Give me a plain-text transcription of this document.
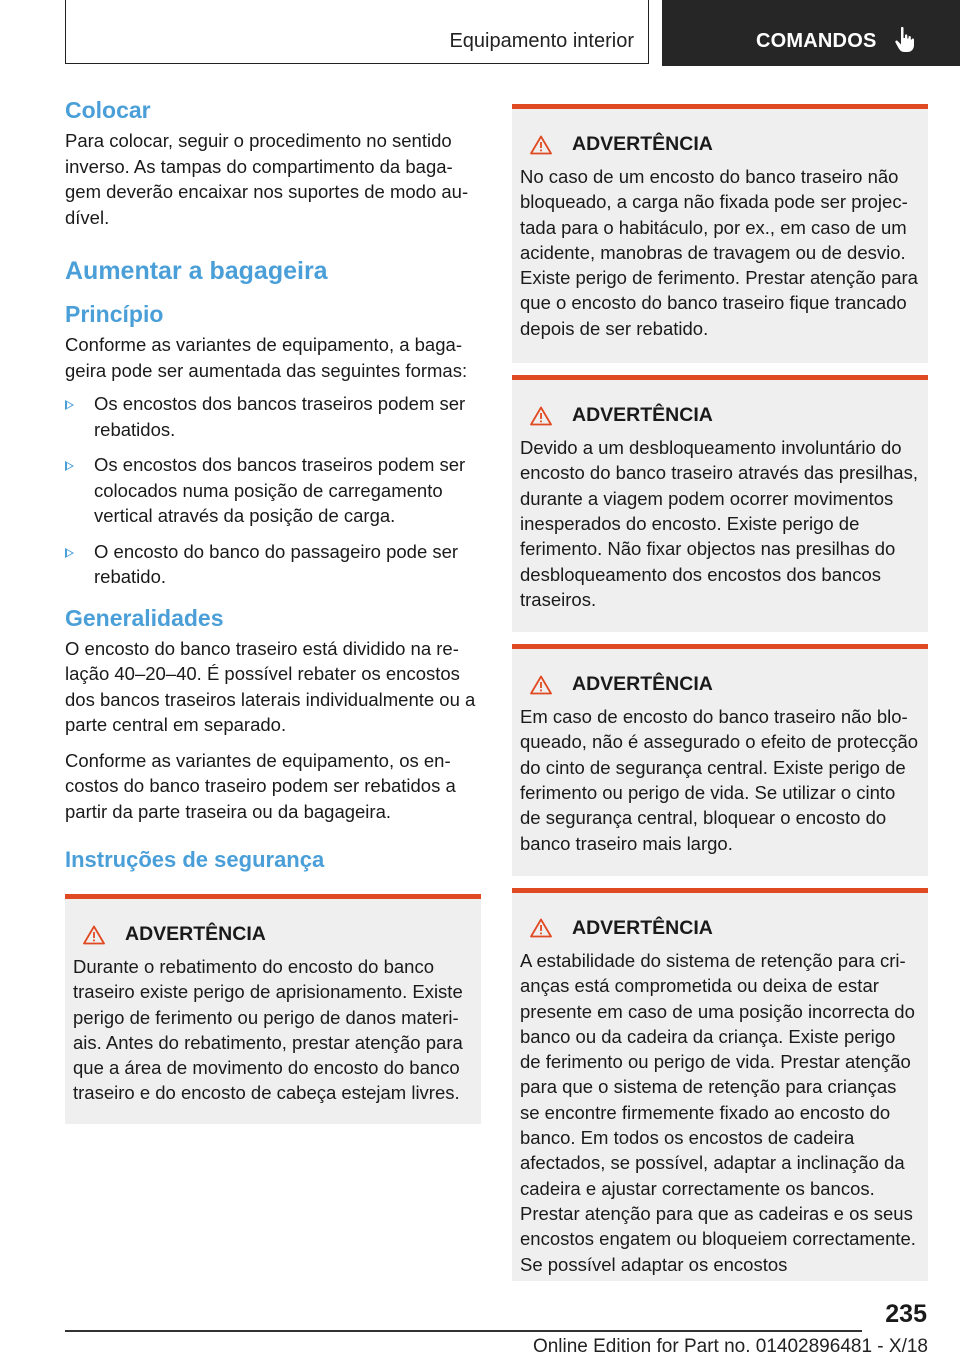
Equipamento interior	COMANDOS
Colocar

Para colocar, seguir o procedimento no sentido inverso. As tampas do compartimento da bagagem deverão encaixar nos suportes de modo audível.

Aumentar a bagageira
Princípio

Conforme as variantes de equipamento, a bagageira pode ser aumentada das seguintes formas:

Os encostos dos bancos traseiros podem ser rebatidos.
Os encostos dos bancos traseiros podem ser colocados numa posição de carregamento vertical através da posição de carga.
O encosto do banco do passageiro pode ser rebatido.
Generalidades

O encosto do banco traseiro está dividido na relação 40–20–40. É possível rebater os encostos dos bancos traseiros laterais individualmente ou a parte central em separado.

Conforme as variantes de equipamento, os encostos do banco traseiro podem ser rebatidos a partir da parte traseira ou da bagageira.

Instruções de segurança
ADVERTÊNCIA

Durante o rebatimento do encosto do banco traseiro existe perigo de aprisionamento. Existe perigo de ferimento ou perigo de danos materiais. Antes do rebatimento, prestar atenção para que a área de movimento do encosto do banco traseiro e do encosto de cabeça estejam livres.

ADVERTÊNCIA

No caso de um encosto do banco traseiro não bloqueado, a carga não fixada pode ser projectada para o habitáculo, por ex., em caso de um acidente, manobras de travagem ou de desvio. Existe perigo de ferimento. Prestar atenção para que o encosto do banco traseiro fique trancado depois de ser rebatido.

ADVERTÊNCIA

Devido a um desbloqueamento involuntário do encosto do banco traseiro através das presilhas, durante a viagem podem ocorrer movimentos inesperados do encosto. Existe perigo de ferimento. Não fixar objectos nas presilhas do desbloqueamento dos encostos dos bancos traseiros.

ADVERTÊNCIA

Em caso de encosto do banco traseiro não bloqueado, não é assegurado o efeito de protecção do cinto de segurança central. Existe perigo de ferimento ou perigo de vida. Se utilizar o cinto de segurança central, bloquear o encosto do banco traseiro mais largo.

ADVERTÊNCIA

A estabilidade do sistema de retenção para crianças está comprometida ou deixa de estar presente em caso de uma posição incorrecta do banco ou da cadeira da criança. Existe perigo de ferimento ou perigo de vida. Prestar atenção para que o sistema de retenção para crianças se encontre firmemente fixado ao encosto do banco. Em todos os encostos de cadeira afectados, se possível, adaptar a inclinação da cadeira e ajustar correctamente os bancos. Prestar atenção para que as cadeiras e os seus encostos engatem ou bloqueiem correctamente. Se possível adaptar os encostos

235
Online Edition for Part no. 01402896481 - X/18
